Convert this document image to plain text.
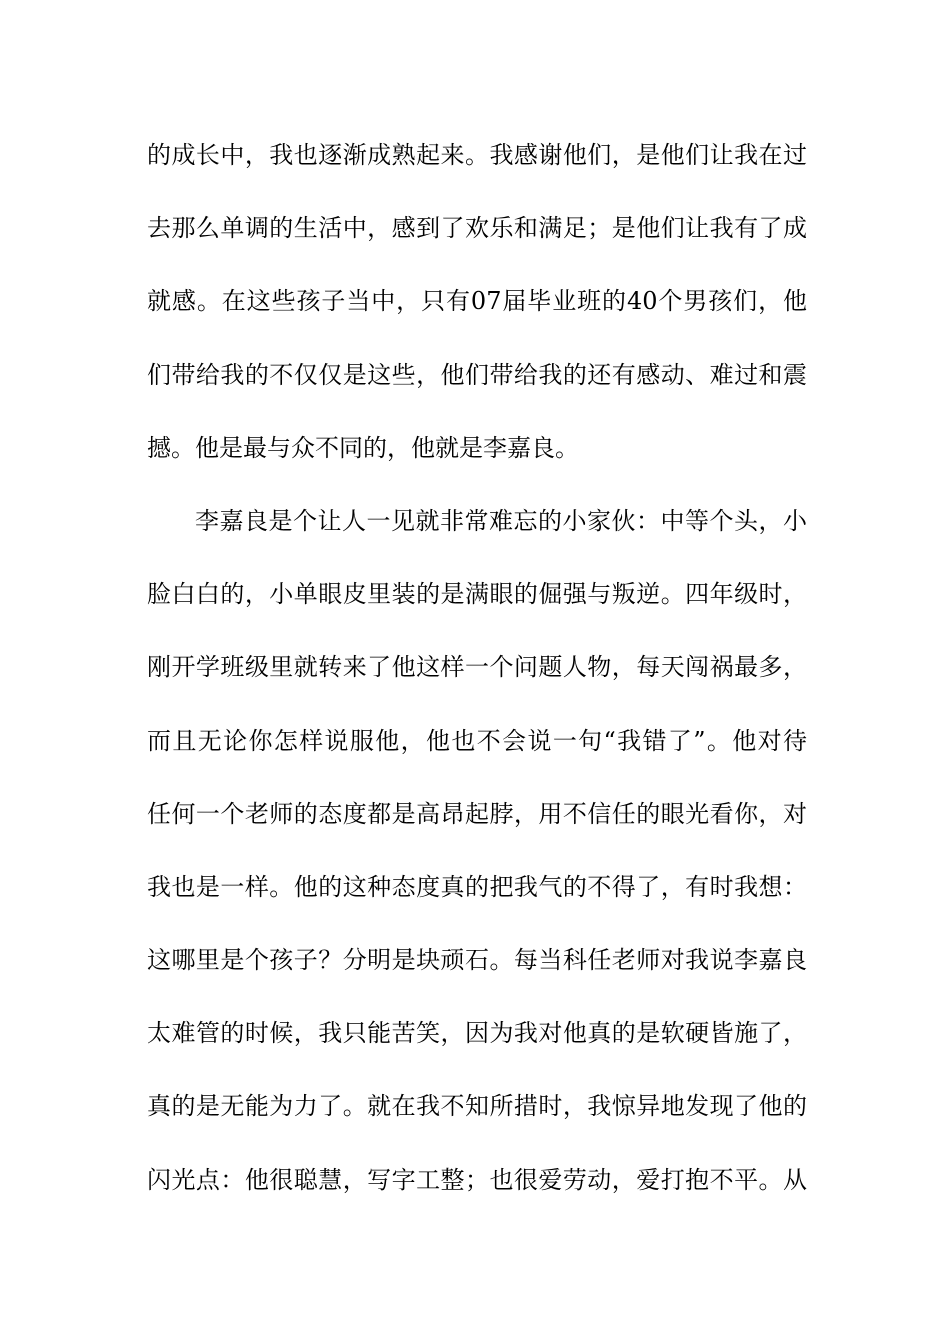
的成长中，我也逐渐成熟起来。我感谢他们，是他们让我在过
去那么单调的生活中，感到了欢乐和满足；是他们让我有了成
就感。在这些孩子当中，只有07届毕业班的40个男孩们，他
们带给我的不仅仅是这些，他们带给我的还有感动、难过和震
撼。他是最与众不同的，他就是李嘉良。
李嘉良是个让人一见就非常难忘的小家伙：中等个头，小
脸白白的，小单眼皮里装的是满眼的倔强与叛逆。四年级时，
刚开学班级里就转来了他这样一个问题人物，每天闯祸最多，
而且无论你怎样说服他，他也不会说一句“我错了”。他对待
任何一个老师的态度都是高昂起脖，用不信任的眼光看你，对
我也是一样。他的这种态度真的把我气的不得了，有时我想：
这哪里是个孩子？分明是块顽石。每当科任老师对我说李嘉良
太难管的时候，我只能苦笑，因为我对他真的是软硬皆施了，
真的是无能为力了。就在我不知所措时，我惊异地发现了他的
闪光点：他很聪慧，写字工整；也很爱劳动，爱打抱不平。从
